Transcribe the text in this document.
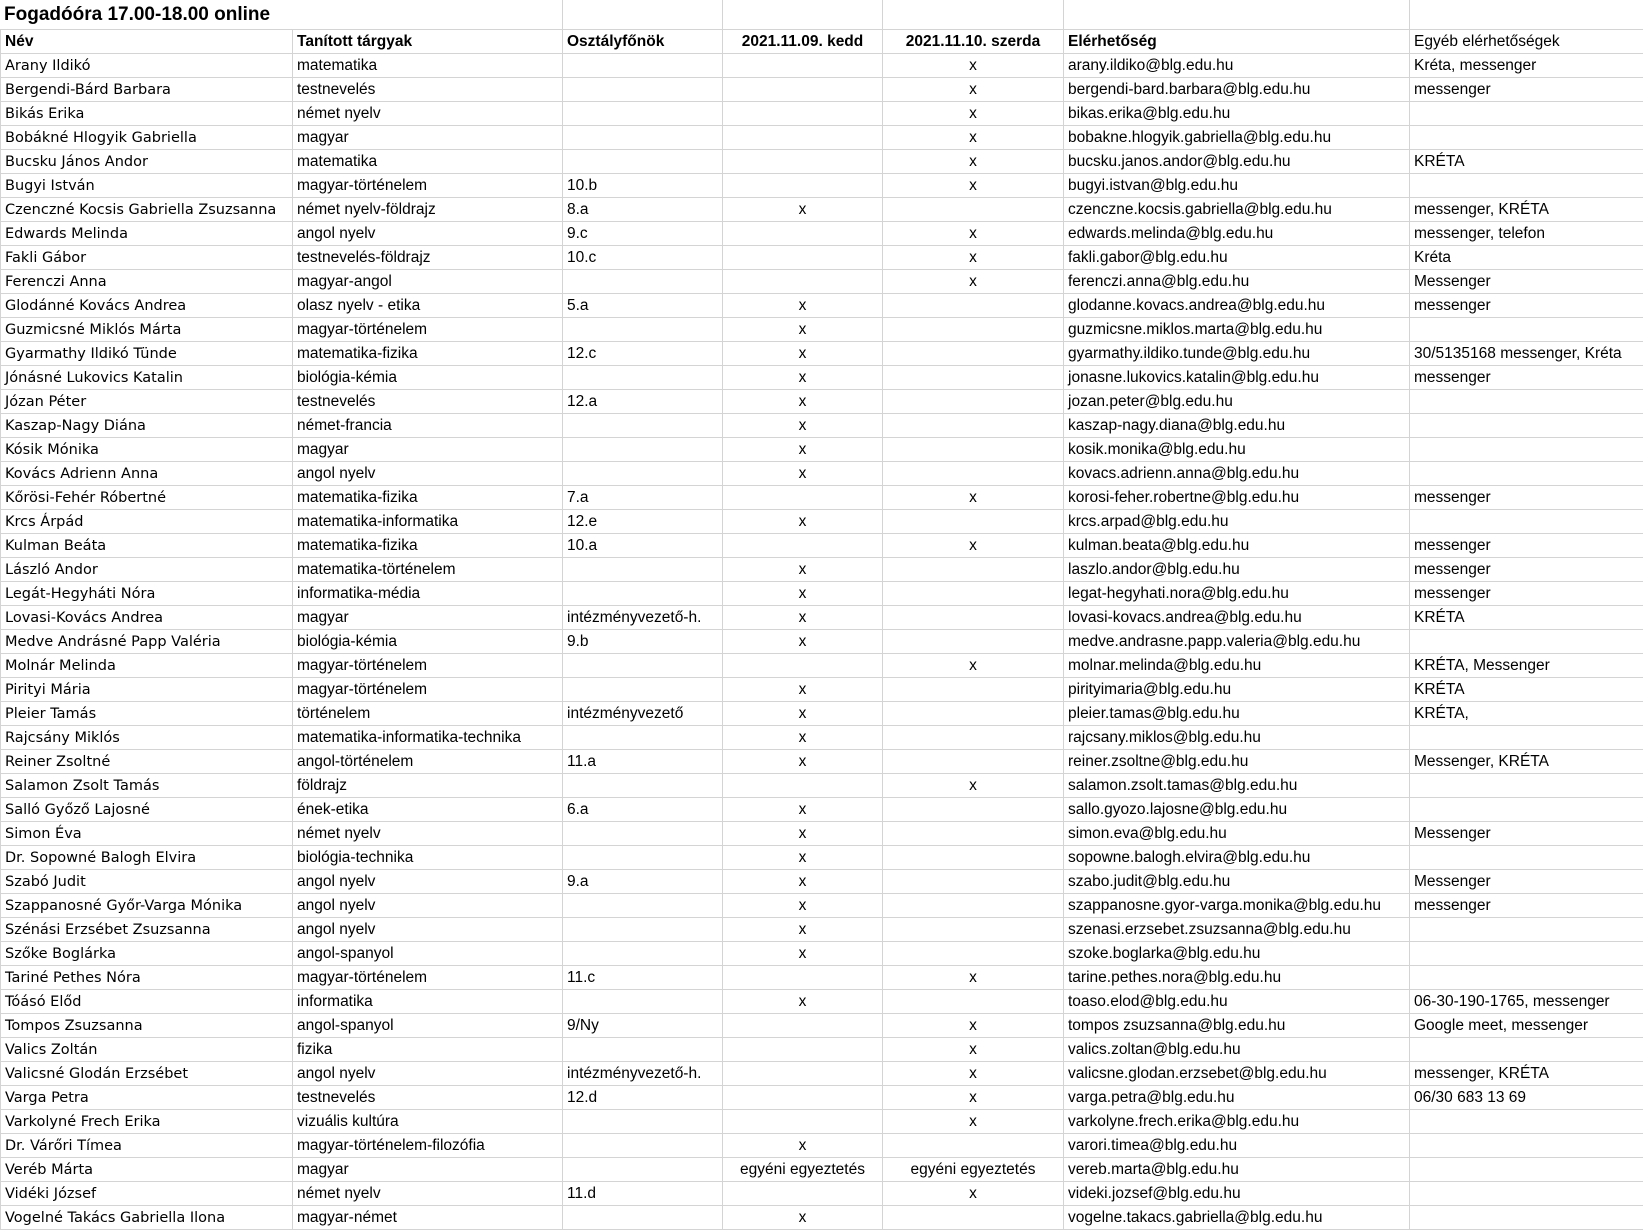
Fogadóóra 17.00-18.00 online
Név	Tanított tárgyak	Osztályfőnök	2021.11.09. kedd	2021.11.10. szerda	Elérhetőség	Egyéb elérhetőségek
Arany Ildikó	matematika			x	arany.ildiko@blg.edu.hu	Kréta, messenger
Bergendi-Bárd Barbara	testnevelés			x	bergendi-bard.barbara@blg.edu.hu	messenger
Bikás Erika	német nyelv			x	bikas.erika@blg.edu.hu	
Bobákné Hlogyik Gabriella	magyar			x	bobakne.hlogyik.gabriella@blg.edu.hu	
Bucsku János Andor	matematika			x	bucsku.janos.andor@blg.edu.hu	KRÉTA
Bugyi István	magyar-történelem	10.b		x	bugyi.istvan@blg.edu.hu	
Czenczné Kocsis Gabriella Zsuzsanna	német nyelv-földrajz	8.a	x		czenczne.kocsis.gabriella@blg.edu.hu	messenger, KRÉTA
Edwards Melinda	angol nyelv	9.c		x	edwards.melinda@blg.edu.hu	messenger, telefon
Fakli Gábor	testnevelés-földrajz	10.c		x	fakli.gabor@blg.edu.hu	Kréta
Ferenczi Anna	magyar-angol			x	ferenczi.anna@blg.edu.hu	Messenger
Glodánné Kovács Andrea	olasz nyelv - etika	5.a	x		glodanne.kovacs.andrea@blg.edu.hu	messenger
Guzmicsné Miklós Márta	magyar-történelem		x		guzmicsne.miklos.marta@blg.edu.hu	
Gyarmathy Ildikó Tünde	matematika-fizika	12.c	x		gyarmathy.ildiko.tunde@blg.edu.hu	30/5135168 messenger, Kréta
Jónásné Lukovics Katalin	biológia-kémia		x		jonasne.lukovics.katalin@blg.edu.hu	messenger
Józan Péter	testnevelés	12.a	x		jozan.peter@blg.edu.hu	
Kaszap-Nagy Diána	német-francia		x		kaszap-nagy.diana@blg.edu.hu	
Kósik Mónika	magyar		x		kosik.monika@blg.edu.hu	
Kovács Adrienn Anna	angol nyelv		x		kovacs.adrienn.anna@blg.edu.hu	
Kőrösi-Fehér Róbertné	matematika-fizika	7.a		x	korosi-feher.robertne@blg.edu.hu	messenger
Krcs Árpád	matematika-informatika	12.e	x		krcs.arpad@blg.edu.hu	
Kulman Beáta	matematika-fizika	10.a		x	kulman.beata@blg.edu.hu	messenger
László Andor	matematika-történelem		x		laszlo.andor@blg.edu.hu	messenger
Legát-Hegyháti Nóra	informatika-média		x		legat-hegyhati.nora@blg.edu.hu	messenger
Lovasi-Kovács Andrea	magyar	intézményvezető-h.	x		lovasi-kovacs.andrea@blg.edu.hu	KRÉTA
Medve Andrásné Papp Valéria	biológia-kémia	9.b	x		medve.andrasne.papp.valeria@blg.edu.hu	
Molnár Melinda	magyar-történelem			x	molnar.melinda@blg.edu.hu	KRÉTA, Messenger
Pirityi Mária	magyar-történelem		x		pirityimaria@blg.edu.hu	KRÉTA
Pleier Tamás	történelem	intézményvezető	x		pleier.tamas@blg.edu.hu	KRÉTA,
Rajcsány Miklós	matematika-informatika-technika		x		rajcsany.miklos@blg.edu.hu	
Reiner Zsoltné	angol-történelem	11.a	x		reiner.zsoltne@blg.edu.hu	Messenger, KRÉTA
Salamon Zsolt Tamás	földrajz			x	salamon.zsolt.tamas@blg.edu.hu	
Salló Győző Lajosné	ének-etika	6.a	x		sallo.gyozo.lajosne@blg.edu.hu	
Simon Éva	német nyelv		x		simon.eva@blg.edu.hu	Messenger
Dr. Sopowné Balogh Elvira	biológia-technika		x		sopowne.balogh.elvira@blg.edu.hu	
Szabó Judit	angol nyelv	9.a	x		szabo.judit@blg.edu.hu	Messenger
Szappanosné Győr-Varga Mónika	angol nyelv		x		szappanosne.gyor-varga.monika@blg.edu.hu	messenger
Szénási Erzsébet Zsuzsanna	angol nyelv		x		szenasi.erzsebet.zsuzsanna@blg.edu.hu	
Szőke Boglárka	angol-spanyol		x		szoke.boglarka@blg.edu.hu	
Tariné Pethes Nóra	magyar-történelem	11.c		x	tarine.pethes.nora@blg.edu.hu	
Tóásó Előd	informatika		x		toaso.elod@blg.edu.hu	06-30-190-1765, messenger
Tompos Zsuzsanna	angol-spanyol	9/Ny		x	tompos zsuzsanna@blg.edu.hu	Google meet, messenger
Valics Zoltán	fizika			x	valics.zoltan@blg.edu.hu	
Valicsné Glodán Erzsébet	angol nyelv	intézményvezető-h.		x	valicsne.glodan.erzsebet@blg.edu.hu	messenger, KRÉTA
Varga Petra	testnevelés	12.d		x	varga.petra@blg.edu.hu	06/30 683 13 69
Varkolyné Frech Erika	vizuális kultúra			x	varkolyne.frech.erika@blg.edu.hu	
Dr. Várőri Tímea	magyar-történelem-filozófia		x		varori.timea@blg.edu.hu	
Veréb Márta	magyar		egyéni egyeztetés	egyéni egyeztetés	vereb.marta@blg.edu.hu	
Vidéki József	német nyelv	11.d		x	videki.jozsef@blg.edu.hu	
Vogelné Takács Gabriella Ilona	magyar-német		x		vogelne.takacs.gabriella@blg.edu.hu	
